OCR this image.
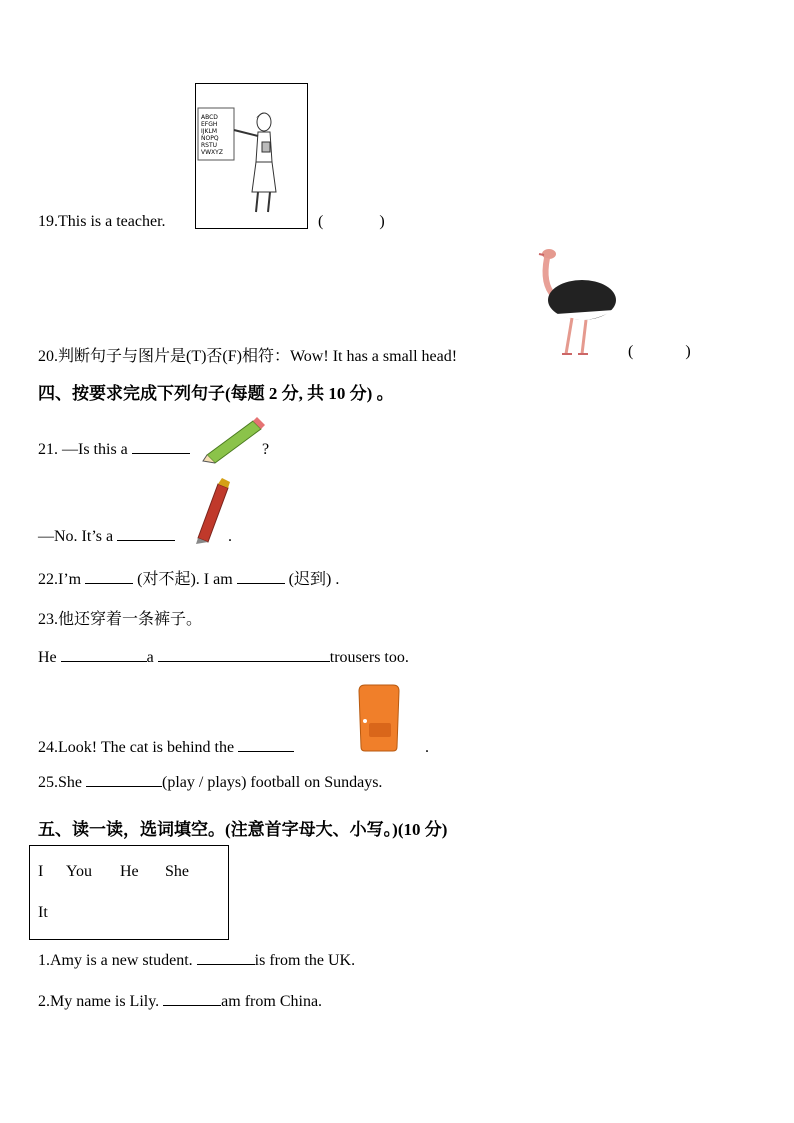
19.This is a teacher.
ABCD
EFGH
IJKLM
NOPQ
RSTU
VWXYZ
(	)
20.判断句子与图片是(T)否(F)相符：Wow! It has a small head!	(	)
四、按要求完成下列句子(每题 2 分, 共 10 分) 。
21. —Is this a	?
—No. It’s a	.
22.I’m	(对不起). I am	(迟到) .
23.他还穿着一条裤子。
He	a	trousers too.
24.Look! The cat is behind the	.
25.She	(play / plays) football on Sundays.
五、读一读，选词填空。(注意首字母大、小写。)(10 分)
I You He She
It
1.Amy is a new student.	is from the UK.
2.My name is Lily.	am from China.
